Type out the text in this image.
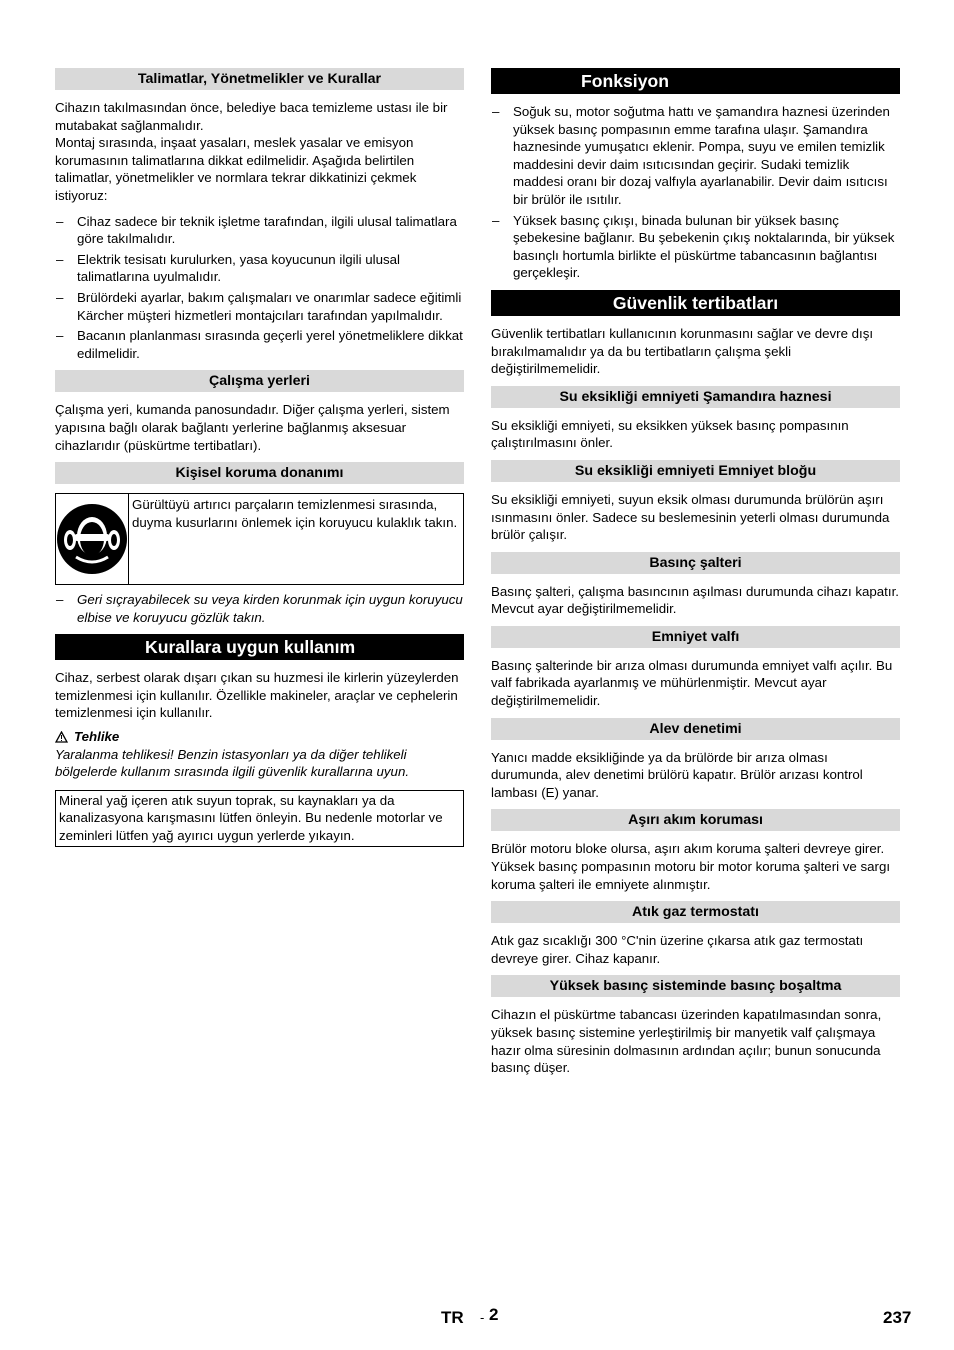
Talimatlar, Yönetmelikler ve Kurallar

Cihazın takılmasından önce, belediye baca temizleme ustası ile bir mutabakat sağlanmalıdır.

Montaj sırasında, inşaat yasaları, meslek yasalar ve emisyon korumasının talimatlarına dikkat edilmelidir. Aşağıda belirtilen talimatlar, yönetmelikler ve normlara tekrar dikkatinizi çekmek istiyoruz:

– Cihaz sadece bir teknik işletme tarafından, ilgili ulusal talimatlara göre takılmalıdır.
– Elektrik tesisatı kurulurken, yasa koyucunun ilgili ulusal talimatlarına uyulmalıdır.
– Brülördeki ayarlar, bakım çalışmaları ve onarımlar sadece eğitimli Kärcher müşteri hizmetleri montajcıları tarafından yapılmalıdır.
– Bacanın planlanması sırasında geçerli yerel yönetmeliklere dikkat edilmelidir.
Çalışma yerleri

Çalışma yeri, kumanda panosundadır. Diğer çalışma yerleri, sistem yapısına bağlı olarak bağlantı yerlerine bağlanmış aksesuar cihazlarıdır (püskürtme tertibatları).

Kişisel koruma donanımı
Gürültüyü artırıcı parçaların temizlenmesi sırasında, duyma kusurlarını önlemek için koruyucu kulaklık takın.
– Geri sıçrayabilecek su veya kirden korunmak için uygun koruyucu elbise ve koruyucu gözlük takın.
Kurallara uygun kullanım

Cihaz, serbest olarak dışarı çıkan su huzmesi ile kirlerin yüzeylerden temizlenmesi için kullanılır. Özellikle makineler, araçlar ve cephelerin temizlenmesi için kullanılır.

Tehlike

Yaralanma tehlikesi! Benzin istasyonları ya da diğer tehlikeli bölgelerde kullanım sırasında ilgili güvenlik kurallarına uyun.

Mineral yağ içeren atık suyun toprak, su kaynakları ya da kanalizasyona karışmasını lütfen önleyin. Bu nedenle motorlar ve zeminleri lütfen yağ ayırıcı uygun yerlerde yıkayın.
Fonksiyon
– Soğuk su, motor soğutma hattı ve şamandıra haznesi üzerinden yüksek basınç pompasının emme tarafına ulaşır. Şamandıra haznesinde yumuşatıcı eklenir. Pompa, suyu ve emilen temizlik maddesini devir daim ısıtıcısından geçirir. Sudaki temizlik maddesi oranı bir dozaj valfıyla ayarlanabilir. Devir daim ısıtıcısı bir brülör ile ısıtılır.
– Yüksek basınç çıkışı, binada bulunan bir yüksek basınç şebekesine bağlanır. Bu şebekenin çıkış noktalarında, bir yüksek basınçlı hortumla birlikte el püskürtme tabancasının bağlantısı gerçekleşir.
Güvenlik tertibatları

Güvenlik tertibatları kullanıcının korunmasını sağlar ve devre dışı bırakılmamalıdır ya da bu tertibatların çalışma şekli değiştirilmemelidir.

Su eksikliği emniyeti Şamandıra haznesi

Su eksikliği emniyeti, su eksikken yüksek basınç pompasının çalıştırılmasını önler.

Su eksikliği emniyeti Emniyet bloğu

Su eksikliği emniyeti, suyun eksik olması durumunda brülörün aşırı ısınmasını önler. Sadece su beslemesinin yeterli olması durumunda brülör çalışır.

Basınç şalteri

Basınç şalteri, çalışma basıncının aşılması durumunda cihazı kapatır. Mevcut ayar değiştirilmemelidir.

Emniyet valfı

Basınç şalterinde bir arıza olması durumunda emniyet valfı açılır. Bu valf fabrikada ayarlanmış ve mühürlenmiştir. Mevcut ayar değiştirilmemelidir.

Alev denetimi

Yanıcı madde eksikliğinde ya da brülörde bir arıza olması durumunda, alev denetimi brülörü kapatır. Brülör arızası kontrol lambası (E) yanar.

Aşırı akım koruması

Brülör motoru bloke olursa, aşırı akım koruma şalteri devreye girer. Yüksek basınç pompasının motoru bir motor koruma şalteri ve sargı koruma şalteri ile emniyete alınmıştır.

Atık gaz termostatı

Atık gaz sıcaklığı 300 °C'nin üzerine çıkarsa atık gaz termostatı devreye girer. Cihaz kapanır.

Yüksek basınç sisteminde basınç boşaltma

Cihazın el püskürtme tabancası üzerinden kapatılmasından sonra, yüksek basınç sistemine yerleştirilmiş bir manyetik valf çalışmaya hazır olma süresinin dolmasının ardından açılır; bunun sonucunda basınç düşer.

TR - 2	237
